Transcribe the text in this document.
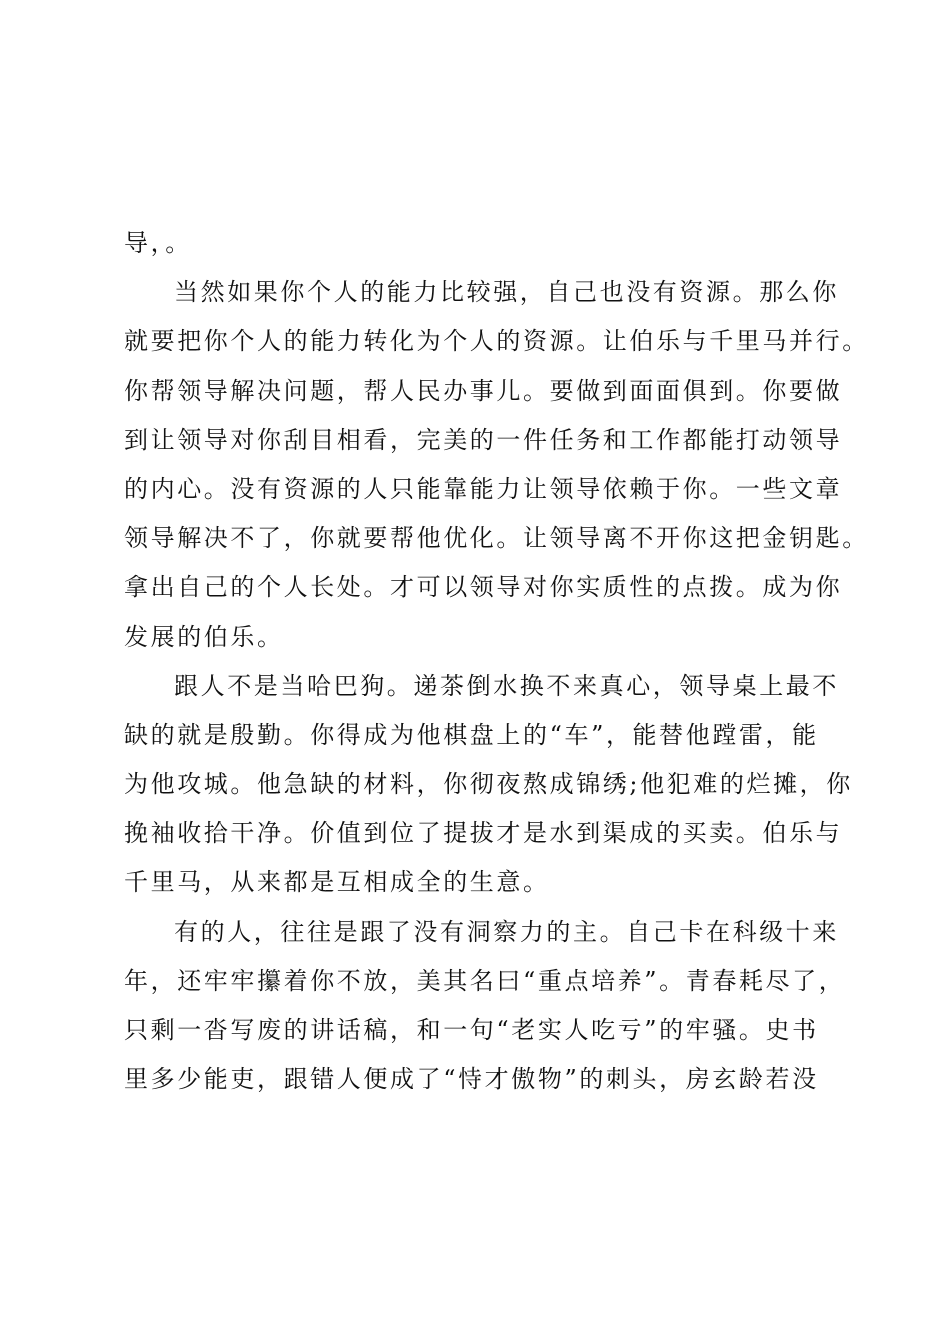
导，。
当然如果你个人的能力比较强，自己也没有资源。那么你
就要把你个人的能力转化为个人的资源。让伯乐与千里马并行。
你帮领导解决问题，帮人民办事儿。要做到面面俱到。你要做
到让领导对你刮目相看，完美的一件任务和工作都能打动领导
的内心。没有资源的人只能靠能力让领导依赖于你。一些文章
领导解决不了，你就要帮他优化。让领导离不开你这把金钥匙。
拿出自己的个人长处。才可以领导对你实质性的点拨。成为你
发展的伯乐。
跟人不是当哈巴狗。递茶倒水换不来真心，领导桌上最不
缺的就是殷勤。你得成为他棋盘上的“车”，能替他蹚雷，能
为他攻城。他急缺的材料，你彻夜熬成锦绣;他犯难的烂摊，你
挽袖收拾干净。价值到位了提拔才是水到渠成的买卖。伯乐与
千里马，从来都是互相成全的生意。
有的人，往往是跟了没有洞察力的主。自己卡在科级十来
年，还牢牢攥着你不放，美其名曰“重点培养”。青春耗尽了，
只剩一沓写废的讲话稿，和一句“老实人吃亏”的牢骚。史书
里多少能吏，跟错人便成了“恃才傲物”的刺头，房玄龄若没
